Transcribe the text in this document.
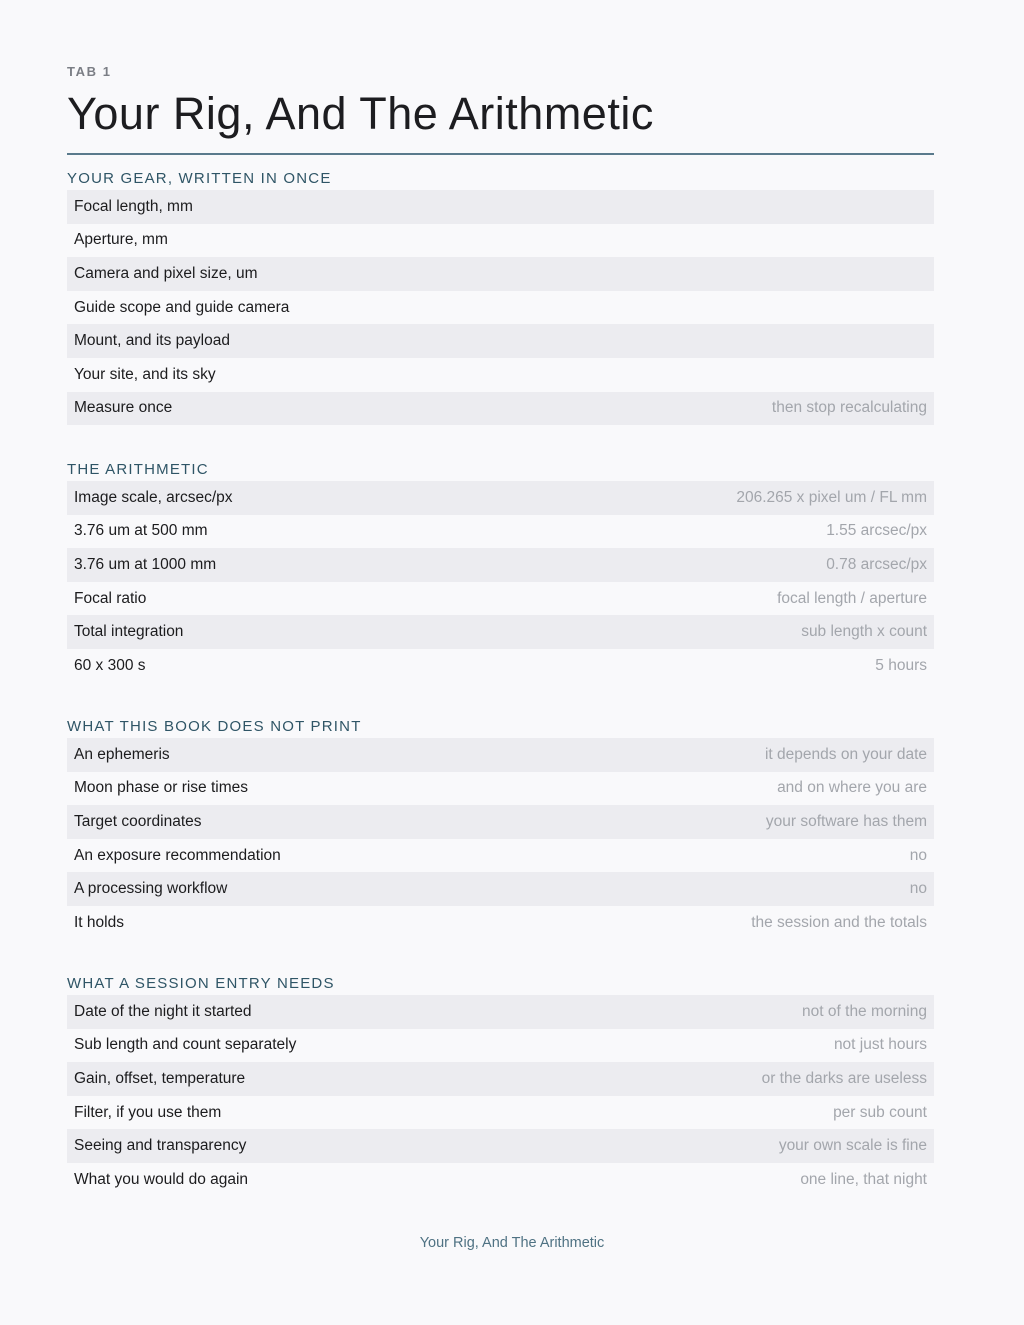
TAB 1
Your Rig, And The Arithmetic
YOUR GEAR, WRITTEN IN ONCE
Focal length, mm
Aperture, mm
Camera and pixel size, um
Guide scope and guide camera
Mount, and its payload
Your site, and its sky
Measure once	then stop recalculating
THE ARITHMETIC
Image scale, arcsec/px	206.265 x pixel um / FL mm
3.76 um at 500 mm	1.55 arcsec/px
3.76 um at 1000 mm	0.78 arcsec/px
Focal ratio	focal length / aperture
Total integration	sub length x count
60 x 300 s	5 hours
WHAT THIS BOOK DOES NOT PRINT
An ephemeris	it depends on your date
Moon phase or rise times	and on where you are
Target coordinates	your software has them
An exposure recommendation	no
A processing workflow	no
It holds	the session and the totals
WHAT A SESSION ENTRY NEEDS
Date of the night it started	not of the morning
Sub length and count separately	not just hours
Gain, offset, temperature	or the darks are useless
Filter, if you use them	per sub count
Seeing and transparency	your own scale is fine
What you would do again	one line, that night
Your Rig, And The Arithmetic
